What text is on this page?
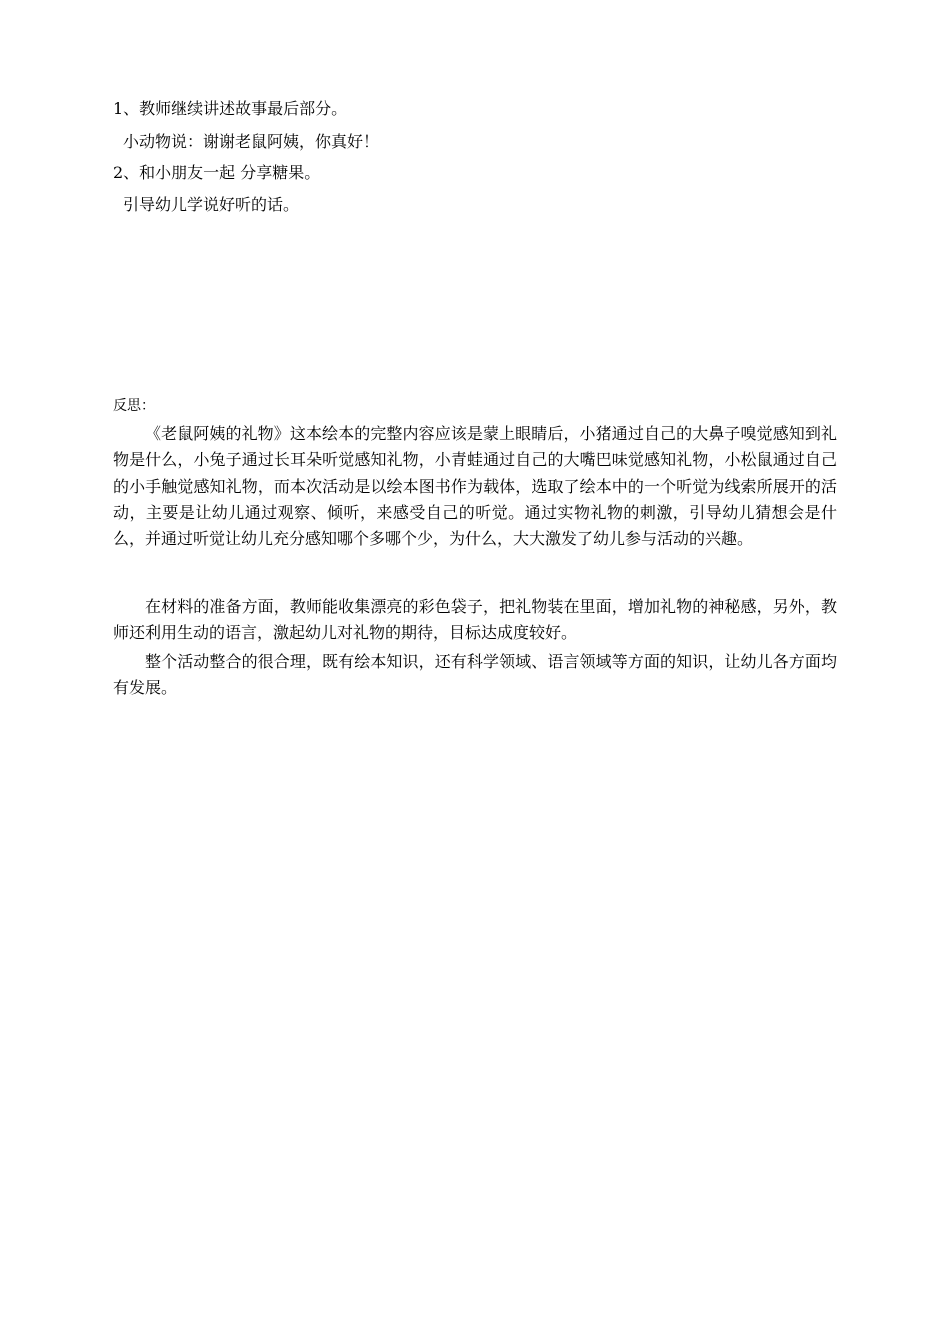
1、教师继续讲述故事最后部分。
小动物说：谢谢老鼠阿姨，你真好！
2、和小朋友一起 分享糖果。
引导幼儿学说好听的话。
反思：

《老鼠阿姨的礼物》这本绘本的完整内容应该是蒙上眼睛后，小猪通过自己的大鼻子嗅觉感知到礼物是什么，小兔子通过长耳朵听觉感知礼物，小青蛙通过自己的大嘴巴味觉感知礼物，小松鼠通过自己的小手触觉感知礼物，而本次活动是以绘本图书作为载体，选取了绘本中的一个听觉为线索所展开的活动，主要是让幼儿通过观察、倾听，来感受自己的听觉。通过实物礼物的刺激，引导幼儿猜想会是什么，并通过听觉让幼儿充分感知哪个多哪个少，为什么，大大激发了幼儿参与活动的兴趣。

在材料的准备方面，教师能收集漂亮的彩色袋子，把礼物装在里面，增加礼物的神秘感，另外，教师还利用生动的语言，激起幼儿对礼物的期待，目标达成度较好。

整个活动整合的很合理，既有绘本知识，还有科学领域、语言领域等方面的知识，让幼儿各方面均有发展。
